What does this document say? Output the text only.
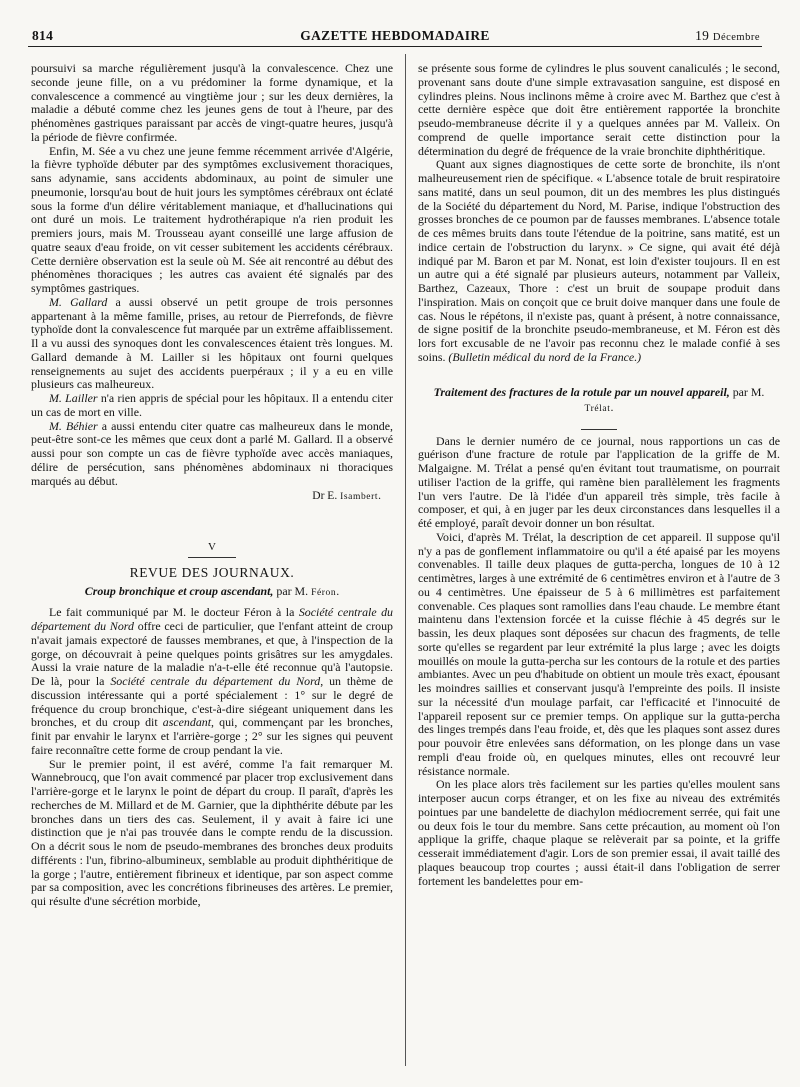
814	GAZETTE HEBDOMADAIRE	19 Décembre

poursuivi sa marche régulièrement jusqu'à la convalescence. Chez une seconde jeune fille, on a vu prédominer la forme dynamique, et la convalescence a commencé au vingtième jour ; sur les deux dernières, la maladie a débuté comme chez les jeunes gens de tout à l'heure, par des phénomènes gastriques paraissant par accès de vingt-quatre heures, jusqu'à la période de fièvre confirmée.

Enfin, M. Sée a vu chez une jeune femme récemment arrivée d'Algérie, la fièvre typhoïde débuter par des symptômes exclusivement thoraciques, sans adynamie, sans accidents abdominaux, au point de simuler une pneumonie, lorsqu'au bout de huit jours les symptômes cérébraux ont éclaté sous la forme d'un délire véritablement maniaque, et d'hallucinations qui ont duré un mois. Le traitement hydrothérapique n'a rien produit les premiers jours, mais M. Trousseau ayant conseillé une large affusion de quatre seaux d'eau froide, on vit cesser subitement les accidents cérébraux. Cette dernière observation est la seule où M. Sée ait rencontré au début des phénomènes thoraciques ; les autres cas avaient été signalés par des symptômes gastriques.

M. Gallard a aussi observé un petit groupe de trois personnes appartenant à la même famille, prises, au retour de Pierrefonds, de fièvre typhoïde dont la convalescence fut marquée par un extrême affaiblissement. Il a vu aussi des synoques dont les convalescences étaient très longues. M. Gallard demande à M. Lailler si les hôpitaux ont fourni quelques renseignements au sujet des accidents puerpéraux ; il y a eu en ville plusieurs cas malheureux.

M. Lailler n'a rien appris de spécial pour les hôpitaux. Il a entendu citer un cas de mort en ville.

M. Béhier a aussi entendu citer quatre cas malheureux dans le monde, peut-être sont-ce les mêmes que ceux dont a parlé M. Gallard. Il a observé aussi pour son compte un cas de fièvre typhoïde avec accès maniaques, délire de persécution, sans phénomènes abdominaux ni thoraciques marqués au début.

Dr E. Isambert.
V
REVUE DES JOURNAUX.
Croup bronchique et croup ascendant, par M. Féron.

Le fait communiqué par M. le docteur Féron à la Société centrale du département du Nord offre ceci de particulier, que l'enfant atteint de croup n'avait jamais expectoré de fausses membranes, et que, à l'inspection de la gorge, on découvrait à peine quelques points grisâtres sur les amygdales. Aussi la vraie nature de la maladie n'a-t-elle été reconnue qu'à l'autopsie. De là, pour la Société centrale du département du Nord, un thème de discussion intéressante qui a porté spécialement : 1° sur le degré de fréquence du croup bronchique, c'est-à-dire siégeant uniquement dans les bronches, et du croup dit ascendant, qui, commençant par les bronches, finit par envahir le larynx et l'arrière-gorge ; 2° sur les signes qui peuvent faire reconnaître cette forme de croup pendant la vie.

Sur le premier point, il est avéré, comme l'a fait remarquer M. Wannebroucq, que l'on avait commencé par placer trop exclusivement dans l'arrière-gorge et le larynx le point de départ du croup. Il paraît, d'après les recherches de M. Millard et de M. Garnier, que la diphthérite débute par les bronches dans un tiers des cas. Seulement, il y avait à faire ici une distinction que je n'ai pas trouvée dans le compte rendu de la discussion. On a décrit sous le nom de pseudo-membranes des bronches deux produits différents : l'un, fibrino-albumineux, semblable au produit diphthéritique de la gorge ; l'autre, entièrement fibrineux et identique, par son aspect comme par sa composition, avec les concrétions fibrineuses des artères. Le premier, qui résulte d'une sécrétion morbide,

se présente sous forme de cylindres le plus souvent canaliculés ; le second, provenant sans doute d'une simple extravasation sanguine, est disposé en cylindres pleins. Nous inclinons même à croire avec M. Barthez que c'est à cette dernière espèce que doit être entièrement rapportée la bronchite pseudo-membraneuse décrite il y a quelques années par M. Valleix. On comprend de quelle importance serait cette distinction pour la détermination du degré de fréquence de la vraie bronchite diphthéritique.

Quant aux signes diagnostiques de cette sorte de bronchite, ils n'ont malheureusement rien de spécifique. « L'absence totale de bruit respiratoire sans matité, dans un seul poumon, dit un des membres les plus distingués de la Société du département du Nord, M. Parise, indique l'obstruction des grosses bronches de ce poumon par de fausses membranes. L'absence totale de ces mêmes bruits dans toute l'étendue de la poitrine, sans matité, est un indice certain de l'obstruction du larynx. » Ce signe, qui avait été déjà indiqué par M. Baron et par M. Nonat, est loin d'exister toujours. Il en est un autre qui a été signalé par plusieurs auteurs, notamment par Valleix, Barthez, Cazeaux, Thore : c'est un bruit de soupape produit dans l'inspiration. Mais on conçoit que ce bruit doive manquer dans une foule de cas. Nous le répétons, il n'existe pas, quant à présent, à notre connaissance, de signe positif de la bronchite pseudo-membraneuse, et M. Féron est dès lors fort excusable de ne l'avoir pas reconnu chez le malade confié à ses soins. (Bulletin médical du nord de la France.)

Traitement des fractures de la rotule par un nouvel appareil, par M. Trélat.

Dans le dernier numéro de ce journal, nous rapportions un cas de guérison d'une fracture de rotule par l'application de la griffe de M. Malgaigne. M. Trélat a pensé qu'en évitant tout traumatisme, on pourrait utiliser l'action de la griffe, qui ramène bien parallèlement les fragments l'un vers l'autre. De là l'idée d'un appareil très simple, très facile à composer, et qui, à en juger par les deux circonstances dans lesquelles il a été employé, paraît devoir donner un bon résultat.

Voici, d'après M. Trélat, la description de cet appareil. Il suppose qu'il n'y a pas de gonflement inflammatoire ou qu'il a été apaisé par les moyens convenables. Il taille deux plaques de gutta-percha, longues de 10 à 12 centimètres, larges à une extrémité de 6 centimètres environ et à l'autre de 3 ou 4 centimètres. Une épaisseur de 5 à 6 millimètres est parfaitement convenable. Ces plaques sont ramollies dans l'eau chaude. Le membre étant maintenu dans l'extension forcée et la cuisse fléchie à 45 degrés sur le bassin, les deux plaques sont déposées sur chacun des fragments, de telle sorte qu'elles se regardent par leur extrémité la plus large ; avec les doigts mouillés on moule la gutta-percha sur les contours de la rotule et des parties ambiantes. Avec un peu d'habitude on obtient un moule très exact, épousant les moindres saillies et conservant jusqu'à l'empreinte des poils. Il insiste sur la nécessité d'un moulage parfait, car l'efficacité et l'innocuité de l'appareil reposent sur ce premier temps. On applique sur la gutta-percha des linges trempés dans l'eau froide, et, dès que les plaques sont assez dures pour pouvoir être enlevées sans déformation, on les plonge dans un vase rempli d'eau froide où, en quelques minutes, elles ont recouvré leur résistance normale.

On les place alors très facilement sur les parties qu'elles moulent sans interposer aucun corps étranger, et on les fixe au niveau des extrémités pointues par une bandelette de diachylon médiocrement serrée, qui fait une ou deux fois le tour du membre. Sans cette précaution, au moment où l'on applique la griffe, chaque plaque se relèverait par sa pointe, et la griffe cesserait immédiatement d'agir. Lors de son premier essai, il avait taillé des plaques beaucoup trop courtes ; aussi était-il dans l'obligation de serrer fortement les bandelettes pour em-
